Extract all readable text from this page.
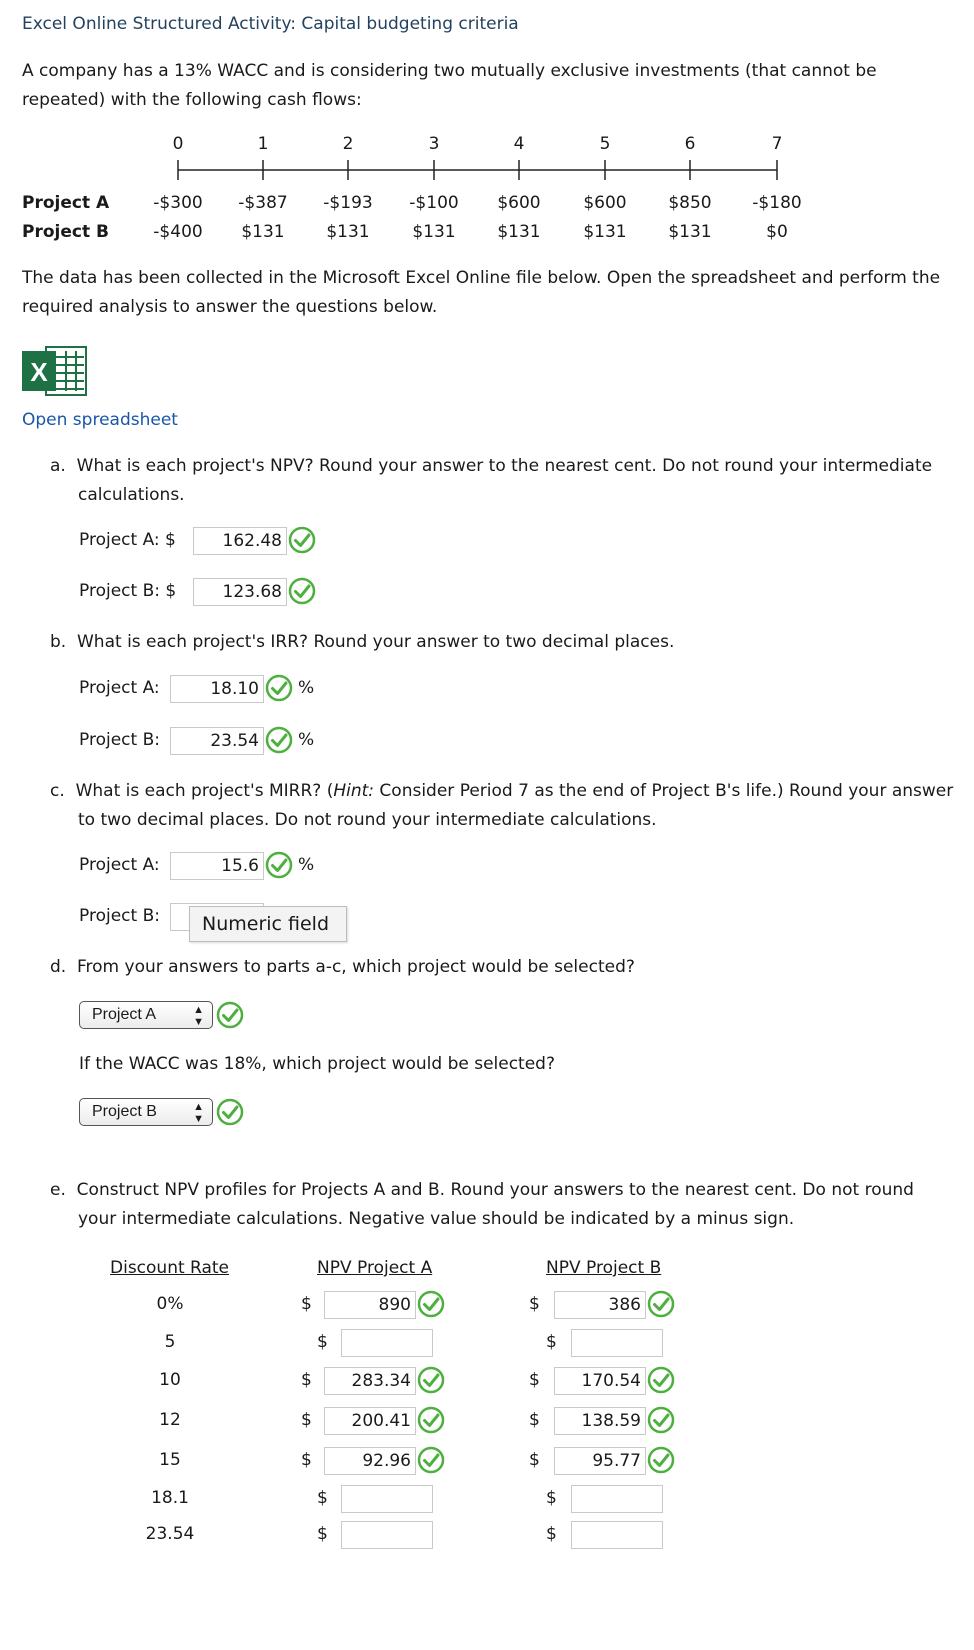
Excel Online Structured Activity: Capital budgeting criteria
A company has a 13% WACC and is considering two mutually exclusive investments (that cannot be repeated) with the following cash flows:
0	1	2	3	4	5	6	7
Project A	-$300	-$387	-$193	-$100	$600	$600	$850	-$180
Project B	-$400	$131	$131	$131	$131	$131	$131	$0
The data has been collected in the Microsoft Excel Online file below. Open the spreadsheet and perform the required analysis to answer the questions below.
X
Open spreadsheet
a.  What is each project's NPV? Round your answer to the nearest cent. Do not round your intermediate calculations.
Project A: $	162.48
Project B: $	123.68
b.  What is each project's IRR? Round your answer to two decimal places.
Project A:	18.10 %
Project B:	23.54 %
c. What is each project's MIRR? (Hint: Consider Period 7 as the end of Project B's life.) Round your answer to two decimal places. Do not round your intermediate calculations.
Project A:	15.6 %
Project B:	Numeric field
d.  From your answers to parts a-c, which project would be selected?
Project A	▲
▼
If the WACC was 18%, which project would be selected?
Project B	▲
▼
e.  Construct NPV profiles for Projects A and B. Round your answers to the nearest cent. Do not round your intermediate calculations. Negative value should be indicated by a minus sign.
Discount Rate	NPV Project A	NPV Project B
0%	$	890	$	386
5	$	$
10	$	283.34	$	170.54
12	$	200.41	$	138.59
15	$	92.96	$	95.77
18.1	$	$
23.54	$	$
